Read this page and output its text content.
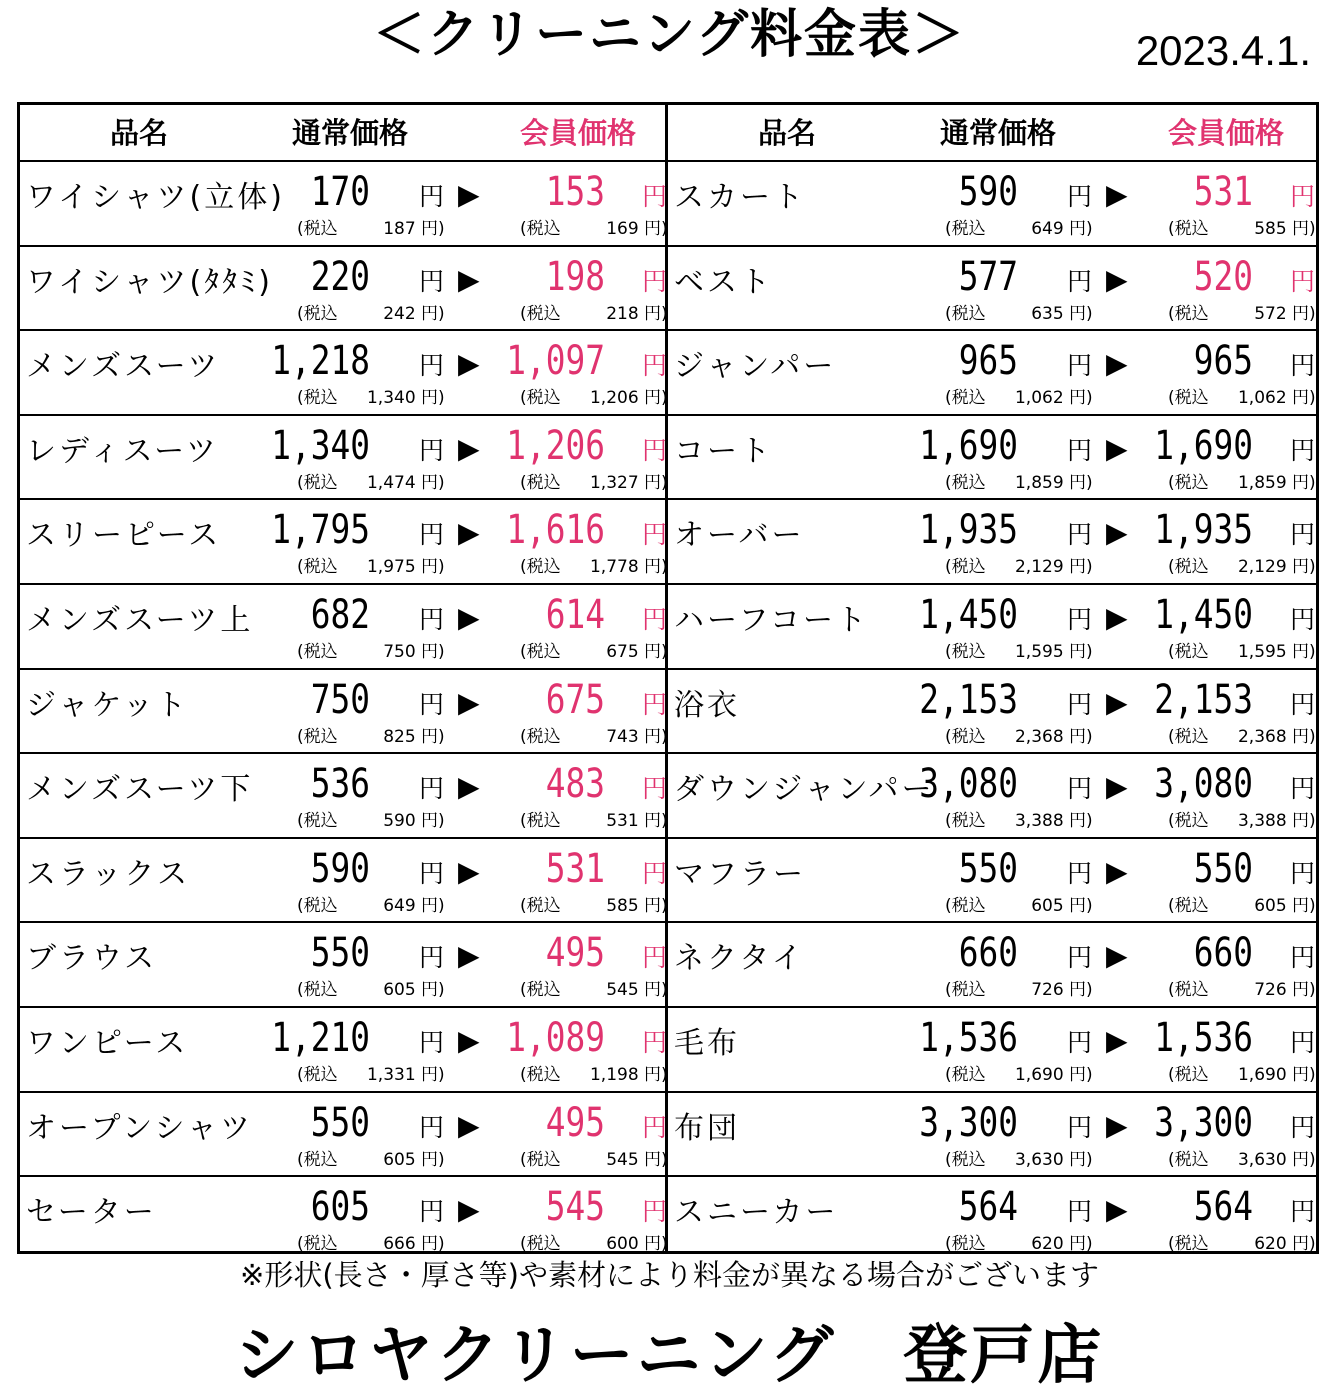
＜クリーニング料金表＞	2023.4.1.
品名	通常価格	会員価格
ワイシャツ(立体) 170 円 ▶	153 円
(税込	187 円)	(税込	169 円)
ワイシャツ(ﾀﾀﾐ) 220 円 ▶	198 円
(税込	242 円)	(税込	218 円)
メンズスーツ	1,218 円 ▶ 1,097 円
(税込 1,340 円)	(税込 1,206 円)
レディスーツ	1,340 円 ▶ 1,206 円
(税込 1,474 円)	(税込 1,327 円)
スリーピース	1,795 円 ▶ 1,616 円
(税込 1,975 円)	(税込 1,778 円)
メンズスーツ上	682 円 ▶	614 円
(税込	750 円)	(税込	675 円)
ジャケット	750 円 ▶	675 円
(税込	825 円)	(税込	743 円)
メンズスーツ下	536 円 ▶	483 円
(税込	590 円)	(税込	531 円)
スラックス	590 円 ▶	531 円
(税込	649 円)	(税込	585 円)
ブラウス	550 円 ▶	495 円
(税込	605 円)	(税込	545 円)
ワンピース	1,210 円 ▶ 1,089 円
(税込 1,331 円)	(税込 1,198 円)
オープンシャツ	550 円 ▶	495 円
(税込	605 円)	(税込	545 円)
セーター	605 円 ▶	545 円
(税込	666 円)	(税込	600 円)
品名	通常価格	会員価格
スカート	590 円 ▶	531 円
(税込	649 円)	(税込	585 円)
ベスト	577 円 ▶	520 円
(税込	635 円)	(税込	572 円)
ジャンパー	965 円 ▶	965 円
(税込 1,062 円)	(税込 1,062 円)
コート	1,690 円 ▶ 1,690 円
(税込 1,859 円)	(税込 1,859 円)
オーバー	1,935 円 ▶ 1,935 円
(税込 2,129 円)	(税込 2,129 円)
ハーフコート	1,450 円 ▶ 1,450 円
(税込 1,595 円)	(税込 1,595 円)
浴衣	2,153 円 ▶ 2,153 円
(税込 2,368 円)	(税込 2,368 円)
ダウンジャンパー
3,080 円 ▶ 3,080 円
(税込 3,388 円)	(税込 3,388 円)
マフラー	550 円 ▶	550 円
(税込	605 円)	(税込	605 円)
ネクタイ	660 円 ▶	660 円
(税込	726 円)	(税込	726 円)
毛布	1,536 円 ▶ 1,536 円
(税込 1,690 円)	(税込 1,690 円)
布団	3,300 円 ▶ 3,300 円
(税込 3,630 円)	(税込 3,630 円)
スニーカー	564 円 ▶	564 円
(税込	620 円)	(税込	620 円)
※形状(長さ・厚さ等)や素材により料金が異なる場合がございます
シロヤクリーニング　登戸店
